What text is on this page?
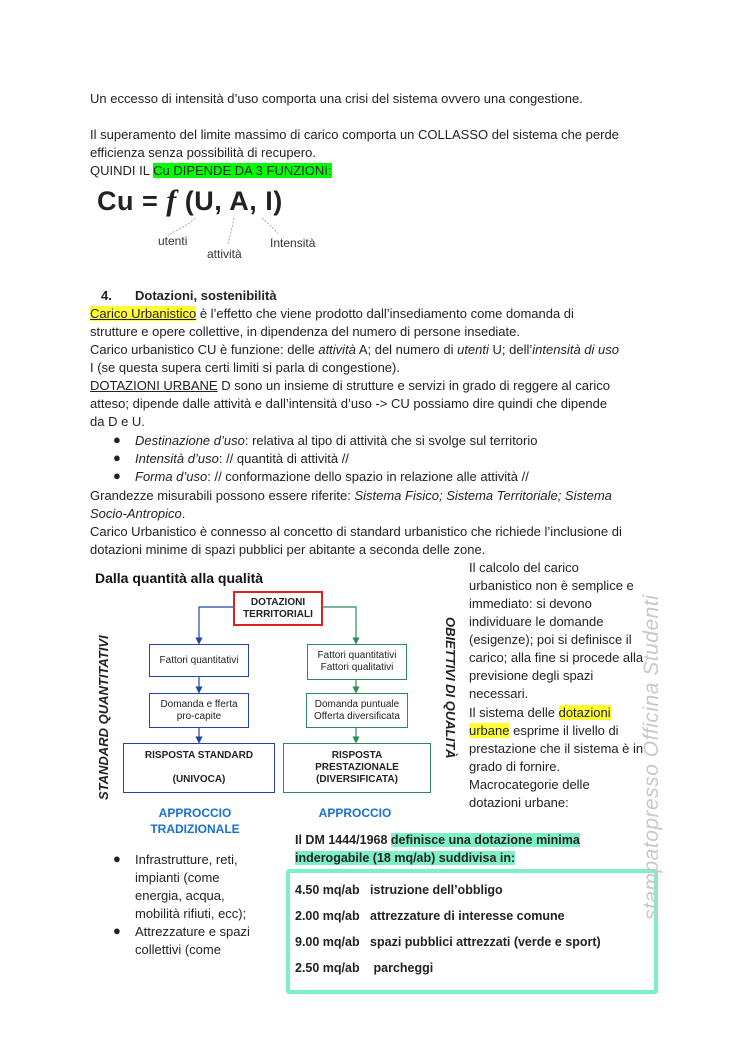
Un eccesso di intensità d’uso comporta una crisi del sistema ovvero una congestione.
Il superamento del limite massimo di carico comporta un COLLASSO del sistema che perde
efficienza senza possibilità di recupero.
QUINDI IL Cu DIPENDE DA 3 FUNZIONI:
Cu = f (U, A, I)
utenti
attività
Intensità
4. Dotazioni, sostenibilità
Carico Urbanistico è l’effetto che viene prodotto dall’insediamento come domanda di
strutture e opere collettive, in dipendenza del numero di persone insediate.
Carico urbanistico CU è funzione: delle attività A; del numero di utenti U; dell’intensità di uso
I (se questa supera certi limiti si parla di congestione).
DOTAZIONI URBANE D sono un insieme di strutture e servizi in grado di reggere al carico
atteso; dipende dalle attività e dall’intensità d’uso -> CU possiamo dire quindi che dipende
da D e U.
● Destinazione d’uso: relativa al tipo di attività che si svolge sul territorio
● Intensità d’uso: // quantità di attività //
● Forma d’uso: // conformazione dello spazio in relazione alle attività //
Grandezze misurabili possono essere riferite: Sistema Fisico; Sistema Territoriale; Sistema
Socio-Antropico.
Carico Urbanistico è connesso al concetto di standard urbanistico che richiede l’inclusione di
dotazioni minime di spazi pubblici per abitante a seconda delle zone.
Dalla quantità alla qualità
DOTAZIONI
TERRITORIALI
STANDARD QUANTITATIVI	OBIETTIVI DI QUALITÀ
Fattori quantitativi
Domanda e fferta
pro-capite
RISPOSTA STANDARD

(UNIVOCA)
Fattori quantitativi
Fattori qualitativi
Domanda puntuale
Offerta diversificata
RISPOSTA
PRESTAZIONALE
(DIVERSIFICATA)
APPROCCIO
TRADIZIONALE
APPROCCIO
Il calcolo del carico
urbanistico non è semplice e
immediato: si devono
individuare le domande
(esigenze); poi si definisce il
carico; alla fine si procede alla
previsione degli spazi
necessari.
Il sistema delle dotazioni
urbane esprime il livello di
prestazione che il sistema è in
grado di fornire.
Macrocategorie delle
dotazioni urbane:
● Infrastrutture, reti,
impianti (come
energia, acqua,
mobilità rifiuti, ecc);
● Attrezzature e spazi
collettivi (come
Il DM 1444/1968 definisce una dotazione minima
inderogabile (18 mq/ab) suddivisa in:
4.50 mq/ab istruzione dell’obbligo
2.00 mq/ab attrezzature di interesse comune
9.00 mq/ab spazi pubblici attrezzati (verde e sport)
2.50 mq/ab    parcheggi
stampatopresso Officina Studenti
